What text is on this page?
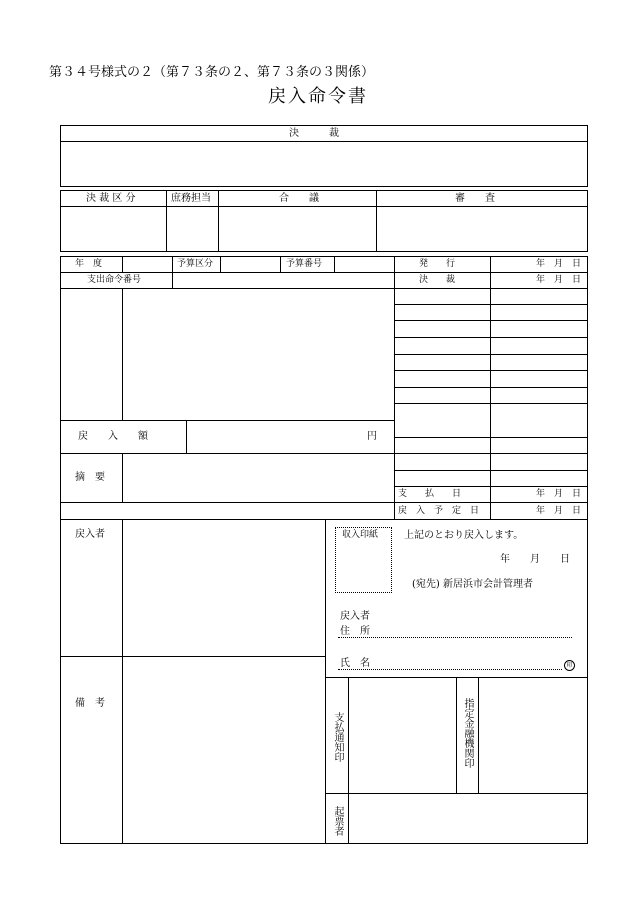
第３４号様式の２（第７３条の２、第７３条の３関係）
戻入命令書
決　　　裁
決 裁 区 分	庶務担当	合　　議	審　　査
年　度	予算区分	予算番号
支出命令番号
発　　行	年　月　日
決　　裁	年　月　日
支　　払　　日	年　月　日
戻　入　予　定　日	年　月　日
戻　　入　　額	円
摘　要
戻入者	収入印紙	上記のとおり戻入します。
年　　月　　日
(宛先) 新居浜市会計管理者
戻入者
住　所
氏　名	印
備　考
支払通知印	指定金融機関印
起票者
